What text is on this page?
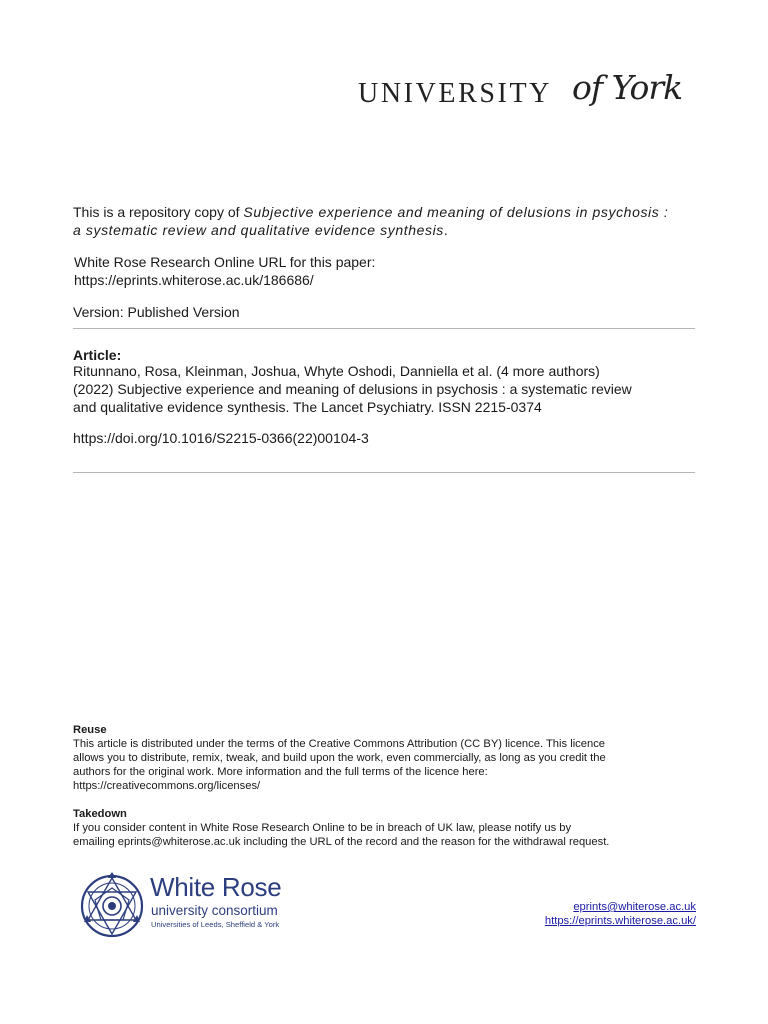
UNIVERSITY of York
This is a repository copy of Subjective experience and meaning of delusions in psychosis :
a systematic review and qualitative evidence synthesis.
White Rose Research Online URL for this paper:
https://eprints.whiterose.ac.uk/186686/
Version: Published Version
Article:
Ritunnano, Rosa, Kleinman, Joshua, Whyte Oshodi, Danniella et al. (4 more authors)
(2022) Subjective experience and meaning of delusions in psychosis : a systematic review
and qualitative evidence synthesis. The Lancet Psychiatry. ISSN 2215-0374
https://doi.org/10.1016/S2215-0366(22)00104-3
Reuse
This article is distributed under the terms of the Creative Commons Attribution (CC BY) licence. This licence
allows you to distribute, remix, tweak, and build upon the work, even commercially, as long as you credit the
authors for the original work. More information and the full terms of the licence here:
https://creativecommons.org/licenses/
Takedown
If you consider content in White Rose Research Online to be in breach of UK law, please notify us by
emailing eprints@whiterose.ac.uk including the URL of the record and the reason for the withdrawal request.
White Rose
university consortium
Universities of Leeds, Sheffield & York
eprints@whiterose.ac.uk
https://eprints.whiterose.ac.uk/
